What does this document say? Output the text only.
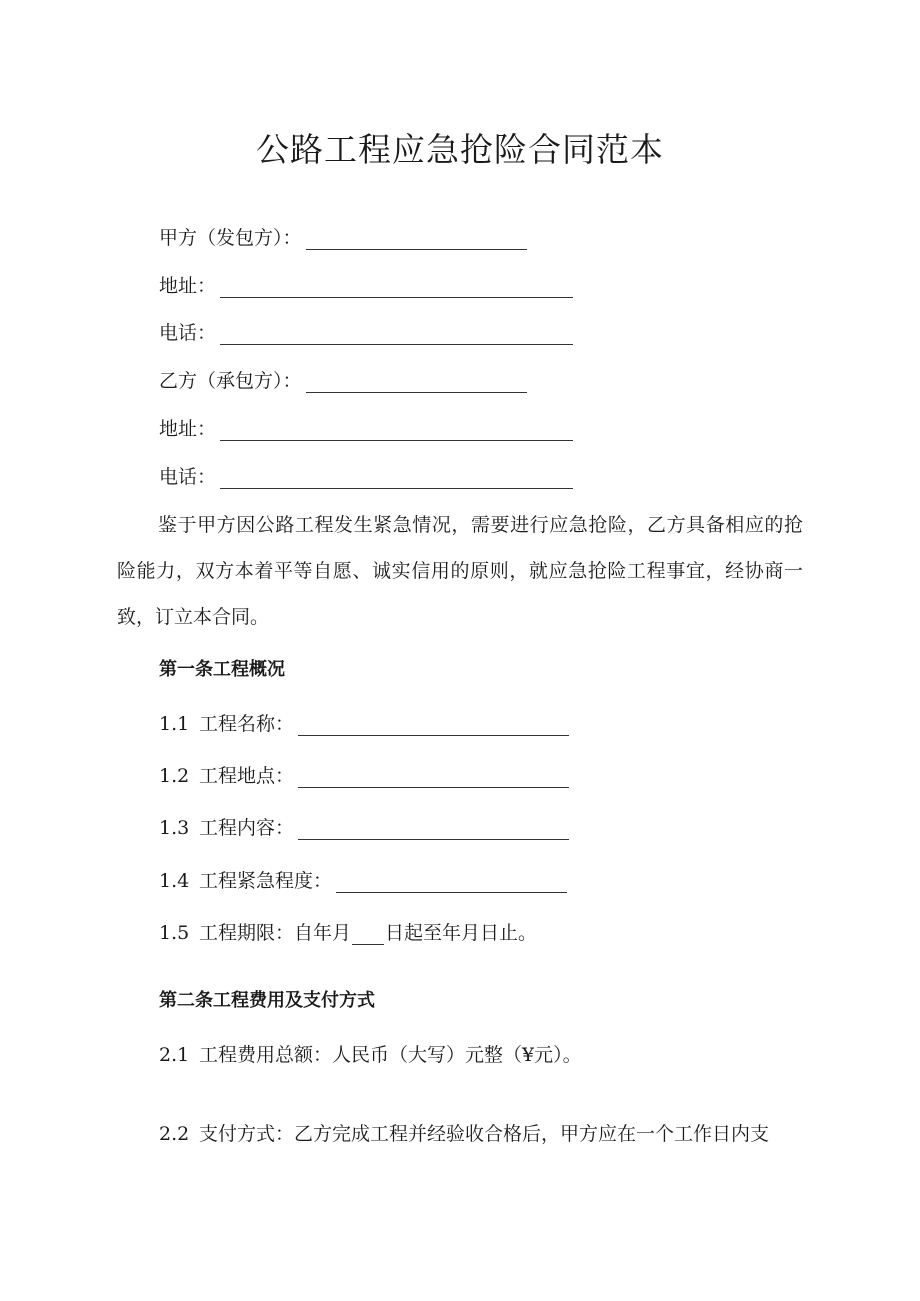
公路工程应急抢险合同范本
甲方（发包方）：
地址：
电话：
乙方（承包方）：
地址：
电话：
鉴于甲方因公路工程发生紧急情况，需要进行应急抢险，乙方具备相应的抢险能力，双方本着平等自愿、诚实信用的原则，就应急抢险工程事宜，经协商一致，订立本合同。
第一条工程概况
1.1 工程名称：
1.2 工程地点：
1.3 工程内容：
1.4 工程紧急程度：
1.5 工程期限：自年月 日起至年月日止。
第二条工程费用及支付方式
2.1 工程费用总额：人民币（大写）元整（¥元）。
2.2 支付方式：乙方完成工程并经验收合格后，甲方应在一个工作日内支
